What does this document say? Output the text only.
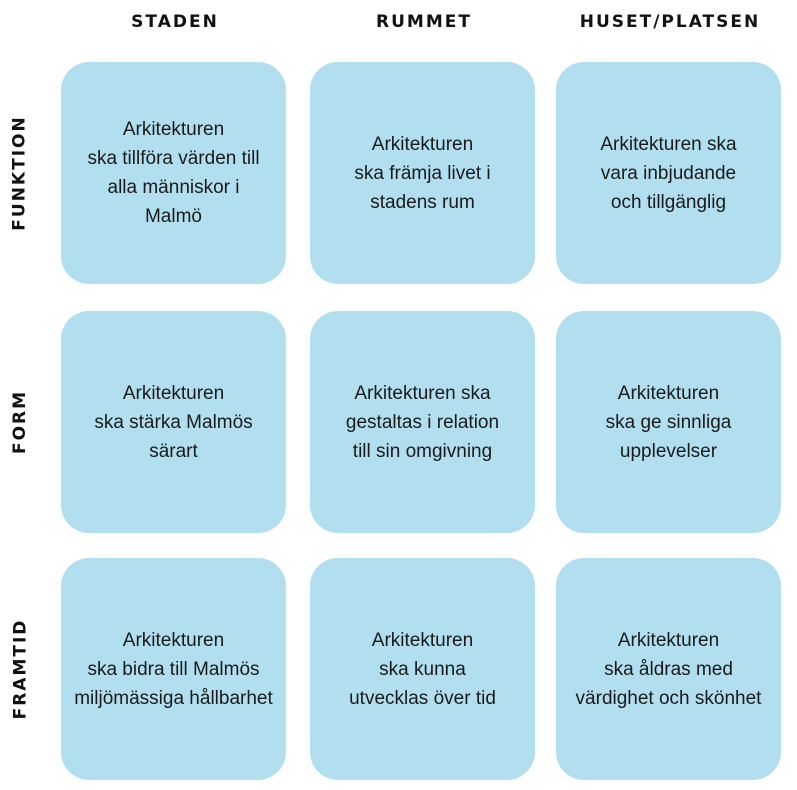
STADEN	RUMMET	HUSET/PLATSEN
FUNKTION
FORM
FRAMTID
Arkitekturen
ska tillföra värden till
alla människor i
Malmö
Arkitekturen
ska främja livet i
stadens rum
Arkitekturen ska
vara inbjudande
och tillgänglig
Arkitekturen
ska stärka Malmös
särart
Arkitekturen ska
gestaltas i relation
till sin omgivning
Arkitekturen
ska ge sinnliga
upplevelser
Arkitekturen
ska bidra till Malmös
miljömässiga hållbarhet
Arkitekturen
ska kunna
utvecklas över tid
Arkitekturen
ska åldras med
värdighet och skönhet
